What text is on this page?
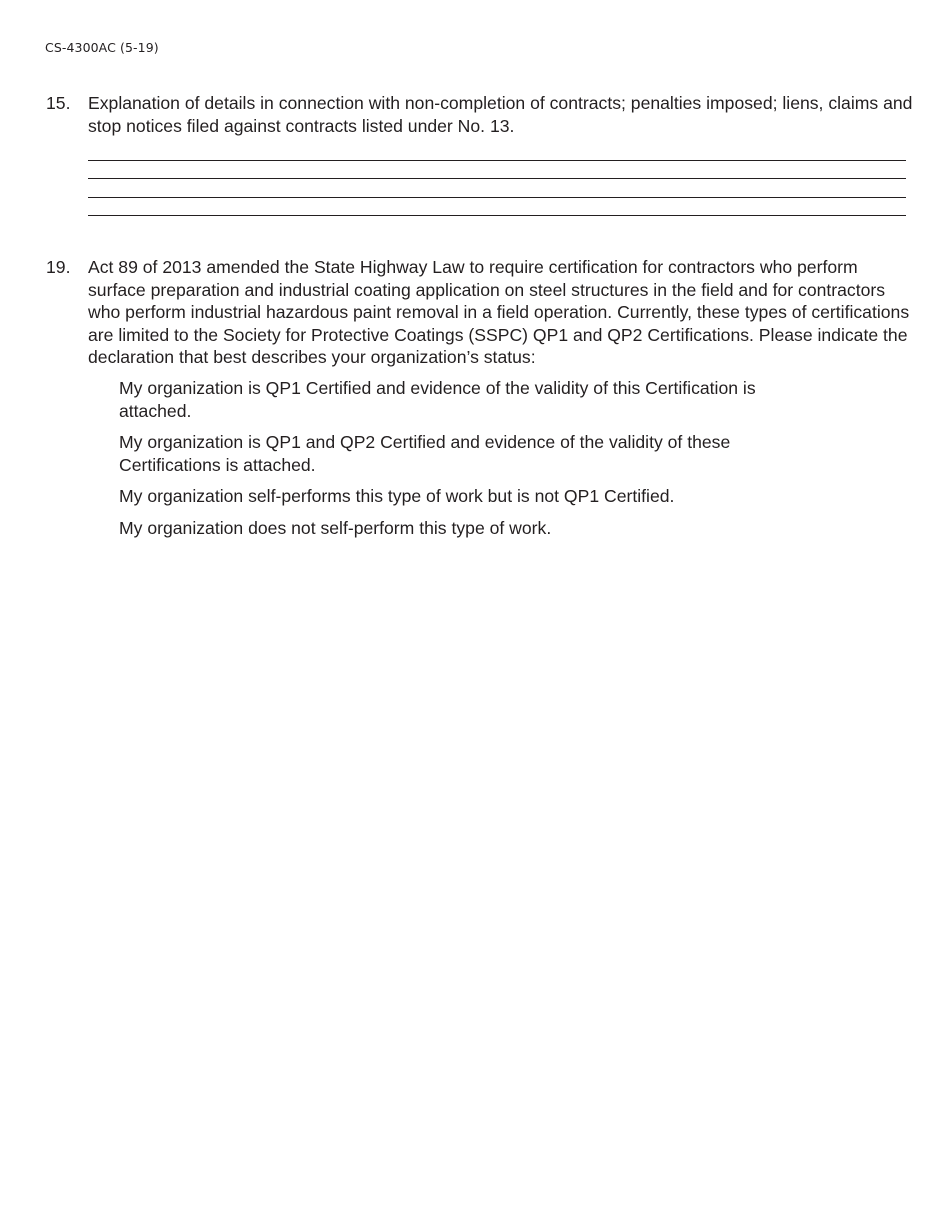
CS-4300AC (5-19)
15. Explanation of details in connection with non-completion of contracts; penalties imposed; liens, claims and stop notices filed against contracts listed under No. 13.
19. Act 89 of 2013 amended the State Highway Law to require certification for contractors who perform surface preparation and industrial coating application on steel structures in the field and for contractors who perform industrial hazardous paint removal in a field operation. Currently, these types of certifications are limited to the Society for Protective Coatings (SSPC) QP1 and QP2 Certifications. Please indicate the declaration that best describes your organization’s status:
My organization is QP1 Certified and evidence of the validity of this Certification is attached.
My organization is QP1 and QP2 Certified and evidence of the validity of these Certifications is attached.
My organization self-performs this type of work but is not QP1 Certified.
My organization does not self-perform this type of work.
